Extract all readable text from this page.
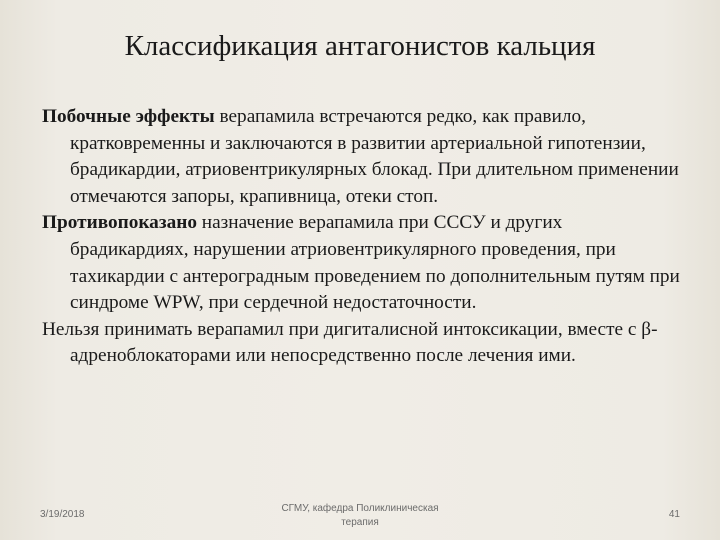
Классификация антагонистов кальция

Побочные эффекты верапамила встречаются редко, как правило, кратковременны и заключаются в развитии артериальной гипотензии, брадикардии, атриовентрикулярных блокад. При длительном применении отмечаются запоры, крапивница, отеки стоп.

Противопоказано назначение верапамила при СССУ и других брадикардиях, нарушении атриовентрикулярного проведения, при тахикардии с антероградным проведением по дополнительным путям при синдроме WPW, при сердечной недостаточности.

Нельзя принимать верапамил при дигиталисной интоксикации, вместе с β-адреноблокаторами или непосредственно после лечения ими.

3/19/2018
СГМУ, кафедра Поликлиническая
терапия
41
